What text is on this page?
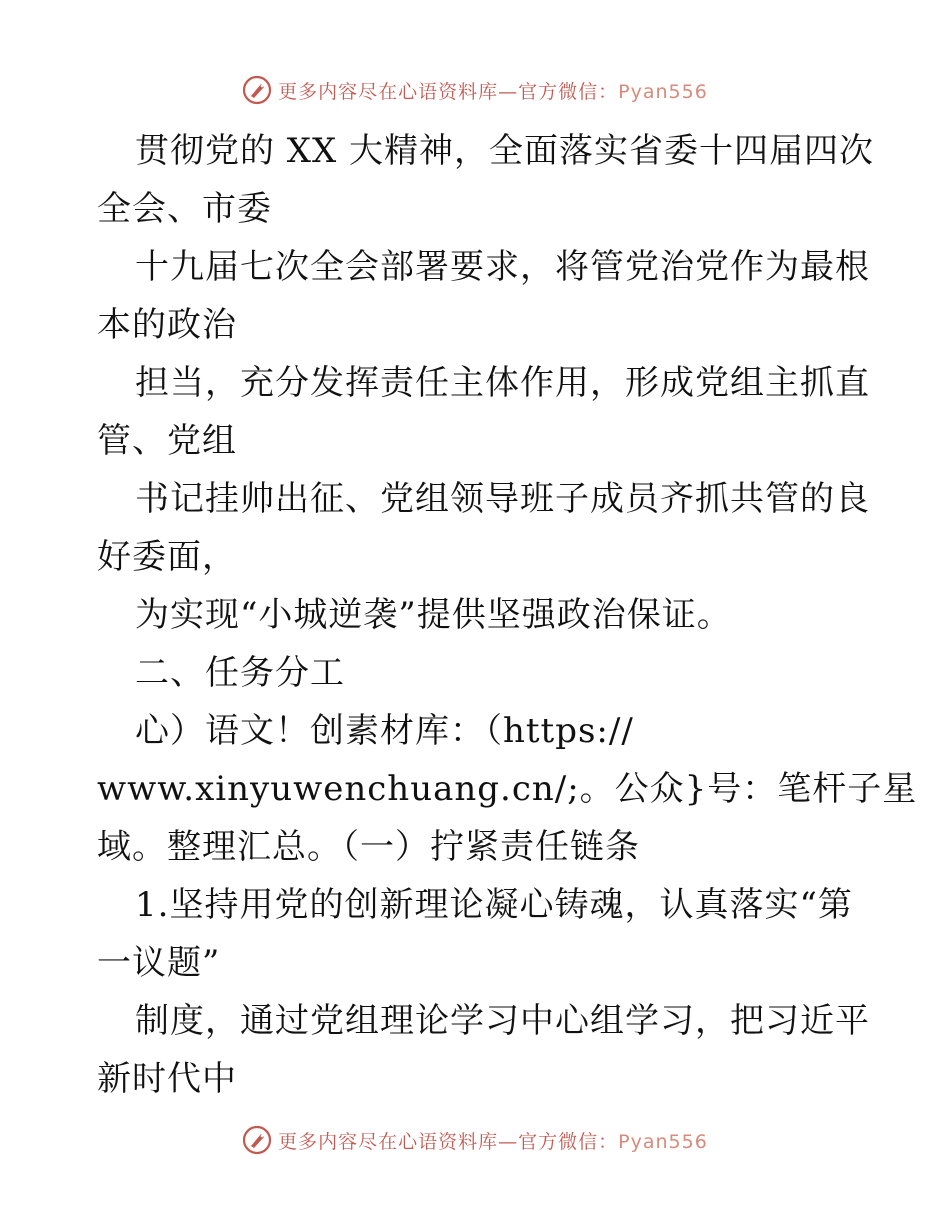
更多内容尽在心语资料库—官方微信：Pyan556
贯彻党的 XX 大精神，全面落实省委十四届四次
全会、市委
十九届七次全会部署要求，将管党治党作为最根
本的政治
担当，充分发挥责任主体作用，形成党组主抓直
管、党组
书记挂帅出征、党组领导班子成员齐抓共管的良
好委面，
为实现“小城逆袭”提供坚强政治保证。
二、任务分工
心）语文！创素材库：（https://
www.xinyuwenchuang.cn/;。公众}号：笔杆子星
域。整理汇总。（一）拧紧责任链条
1.坚持用党的创新理论凝心铸魂，认真落实“第
一议题”
制度，通过党组理论学习中心组学习，把习近平
新时代中
更多内容尽在心语资料库—官方微信：Pyan556
